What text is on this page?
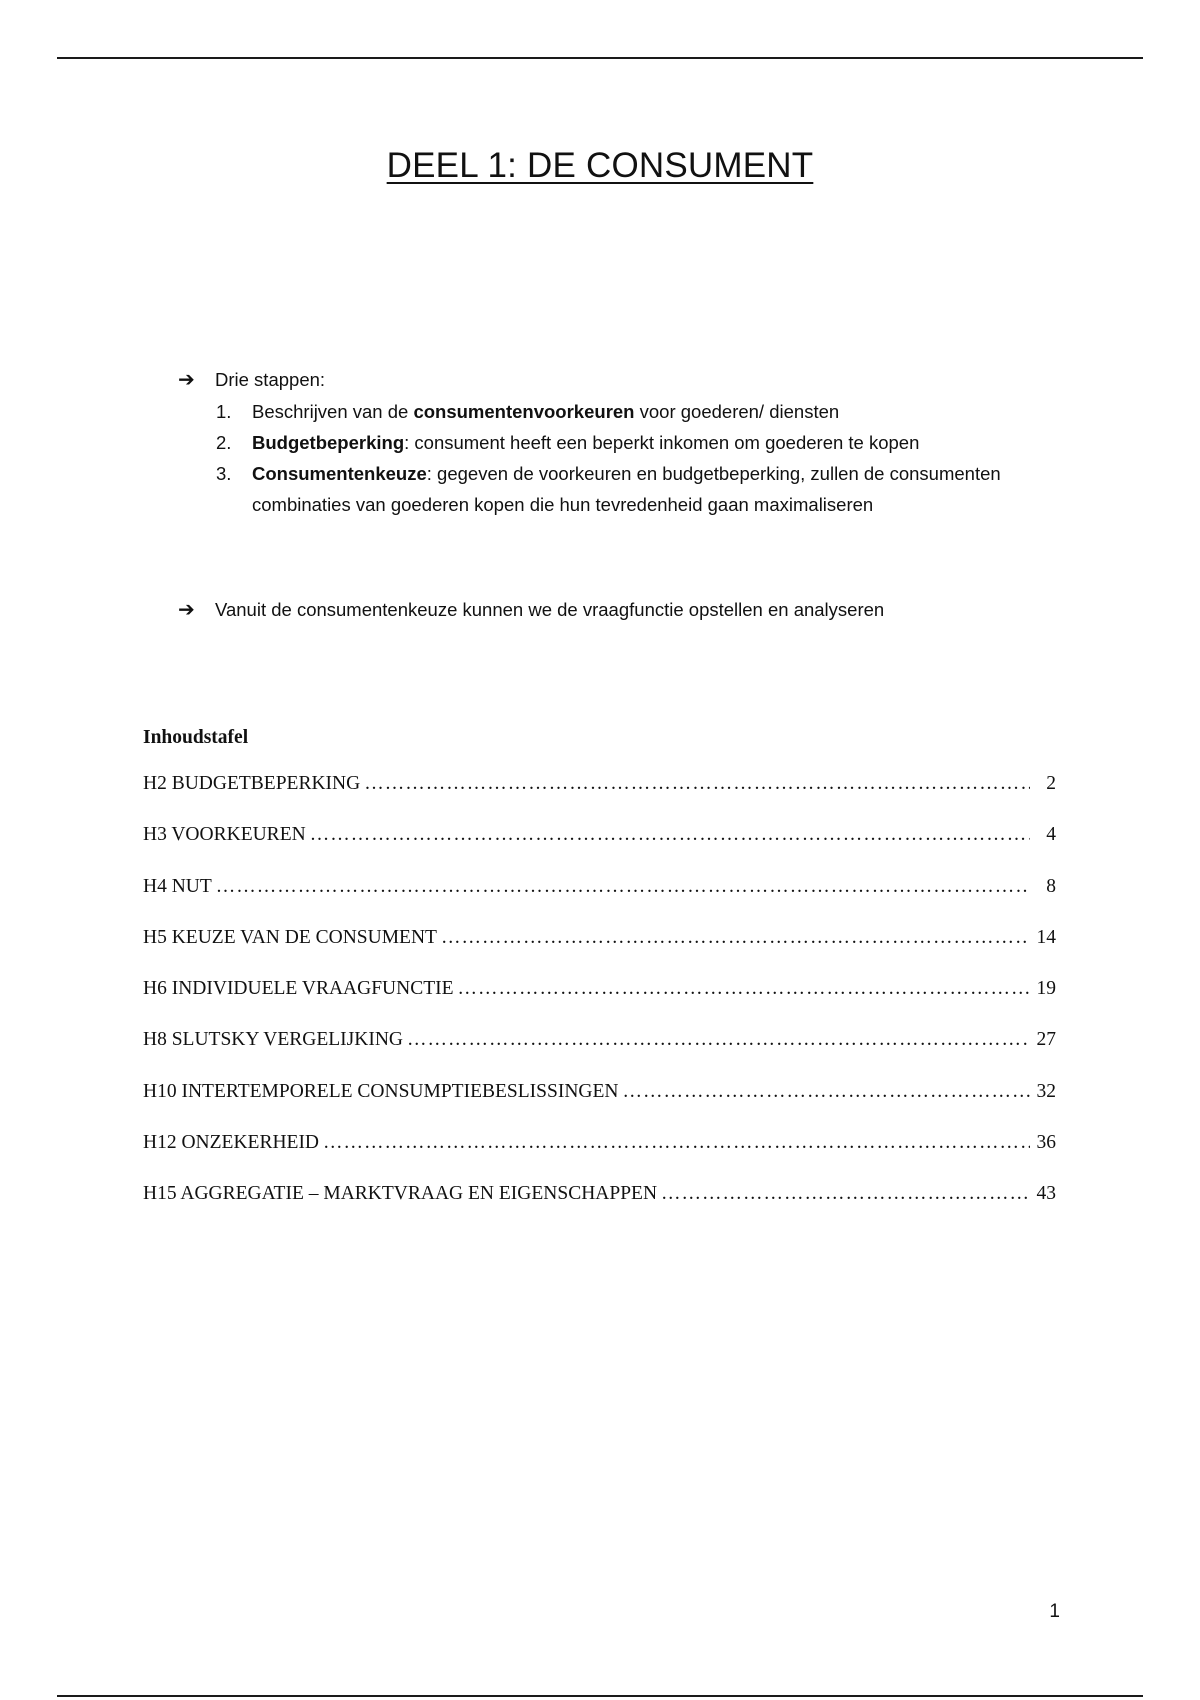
DEEL 1: DE CONSUMENT
➔	Drie stappen:
1.	Beschrijven van de consumentenvoorkeuren voor goederen/ diensten
2.	Budgetbeperking: consument heeft een beperkt inkomen om goederen te kopen
3.	Consumentenkeuze: gegeven de voorkeuren en budgetbeperking, zullen de consumenten combinaties van goederen kopen die hun tevredenheid gaan maximaliseren
➔	Vanuit de consumentenkeuze kunnen we de vraagfunctie opstellen en analyseren
Inhoudstafel
H2 BUDGETBEPERKING ……………………………………………………………………………………………………………………………………………………………………………………	2
H3 VOORKEUREN ……………………………………………………………………………………………………………………………………………………………………………………	4
H4 NUT ……………………………………………………………………………………………………………………………………………………………………………………	8
H5 KEUZE VAN DE CONSUMENT ……………………………………………………………………………………………………………………………………………………………………………………	14
H6 INDIVIDUELE VRAAGFUNCTIE ……………………………………………………………………………………………………………………………………………………………………………………	19
H8 SLUTSKY VERGELIJKING ……………………………………………………………………………………………………………………………………………………………………………………	27
H10 INTERTEMPORELE CONSUMPTIEBESLISSINGEN ……………………………………………………………………………………………………………………………………………………………………………………	32
H12 ONZEKERHEID ……………………………………………………………………………………………………………………………………………………………………………………	36
H15 AGGREGATIE – MARKTVRAAG EN EIGENSCHAPPEN ……………………………………………………………………………………………………………………………………………………………………………………	43
1
